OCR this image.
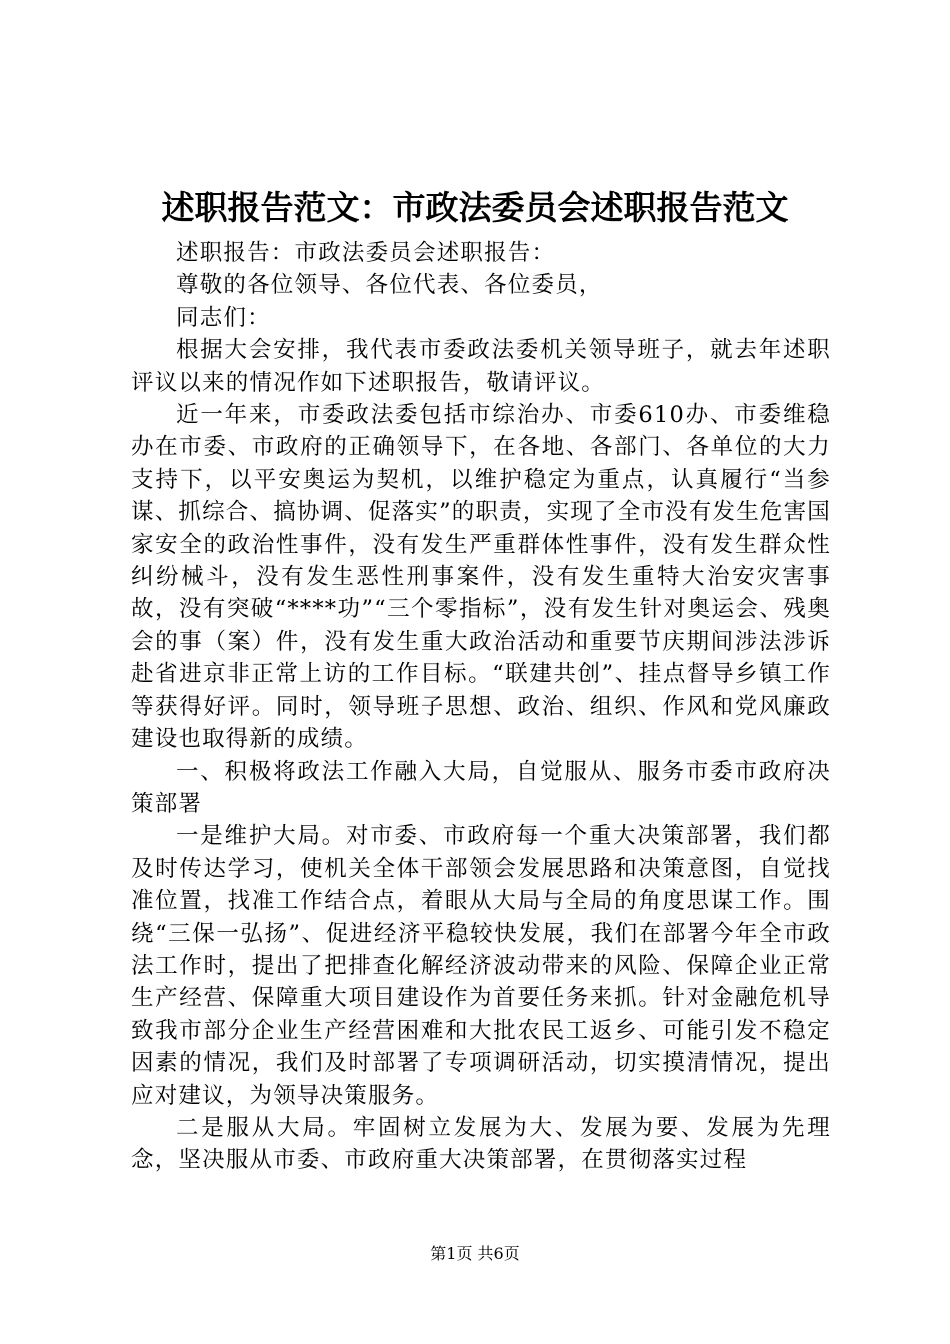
述职报告范文：市政法委员会述职报告范文

述职报告：市政法委员会述职报告：

尊敬的各位领导、各位代表、各位委员，

同志们：

根据大会安排，我代表市委政法委机关领导班子，就去年述职评议以来的情况作如下述职报告，敬请评议。

近一年来，市委政法委包括市综治办、市委610办、市委维稳办在市委、市政府的正确领导下，在各地、各部门、各单位的大力支持下，以平安奥运为契机，以维护稳定为重点，认真履行“当参谋、抓综合、搞协调、促落实”的职责，实现了全市没有发生危害国家安全的政治性事件，没有发生严重群体性事件，没有发生群众性纠纷械斗，没有发生恶性刑事案件，没有发生重特大治安灾害事故，没有突破“****功”“三个零指标”，没有发生针对奥运会、残奥会的事（案）件，没有发生重大政治活动和重要节庆期间涉法涉诉赴省进京非正常上访的工作目标。“联建共创”、挂点督导乡镇工作等获得好评。同时，领导班子思想、政治、组织、作风和党风廉政建设也取得新的成绩。

一、积极将政法工作融入大局，自觉服从、服务市委市政府决策部署

一是维护大局。对市委、市政府每一个重大决策部署，我们都及时传达学习，使机关全体干部领会发展思路和决策意图，自觉找准位置，找准工作结合点，着眼从大局与全局的角度思谋工作。围绕“三保一弘扬”、促进经济平稳较快发展，我们在部署今年全市政法工作时，提出了把排查化解经济波动带来的风险、保障企业正常生产经营、保障重大项目建设作为首要任务来抓。针对金融危机导致我市部分企业生产经营困难和大批农民工返乡、可能引发不稳定因素的情况，我们及时部署了专项调研活动，切实摸清情况，提出应对建议，为领导决策服务。

二是服从大局。牢固树立发展为大、发展为要、发展为先理念，坚决服从市委、市政府重大决策部署，在贯彻落实过程

第1页 共6页
